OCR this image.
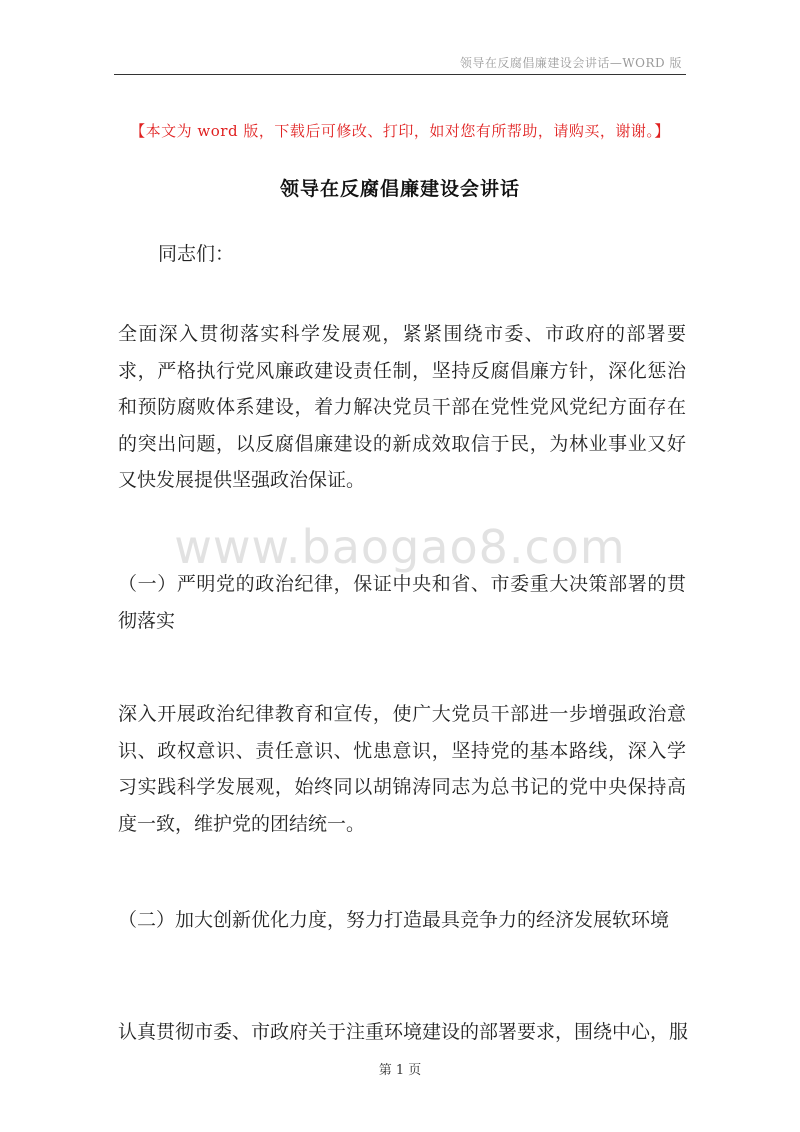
领导在反腐倡廉建设会讲话—WORD 版
【本文为 word 版，下载后可修改、打印，如对您有所帮助，请购买，谢谢。】
领导在反腐倡廉建设会讲话
同志们：
全面深入贯彻落实科学发展观，紧紧围绕市委、市政府的部署要求，严格执行党风廉政建设责任制，坚持反腐倡廉方针，深化惩治和预防腐败体系建设，着力解决党员干部在党性党风党纪方面存在的突出问题，以反腐倡廉建设的新成效取信于民，为林业事业又好又快发展提供坚强政治保证。
www.baogao8.com
（一）严明党的政治纪律，保证中央和省、市委重大决策部署的贯彻落实
深入开展政治纪律教育和宣传，使广大党员干部进一步增强政治意识、政权意识、责任意识、忧患意识，坚持党的基本路线，深入学习实践科学发展观，始终同以胡锦涛同志为总书记的党中央保持高度一致，维护党的团结统一。
（二）加大创新优化力度，努力打造最具竞争力的经济发展软环境
认真贯彻市委、市政府关于注重环境建设的部署要求，围绕中心，服
第 1 页
